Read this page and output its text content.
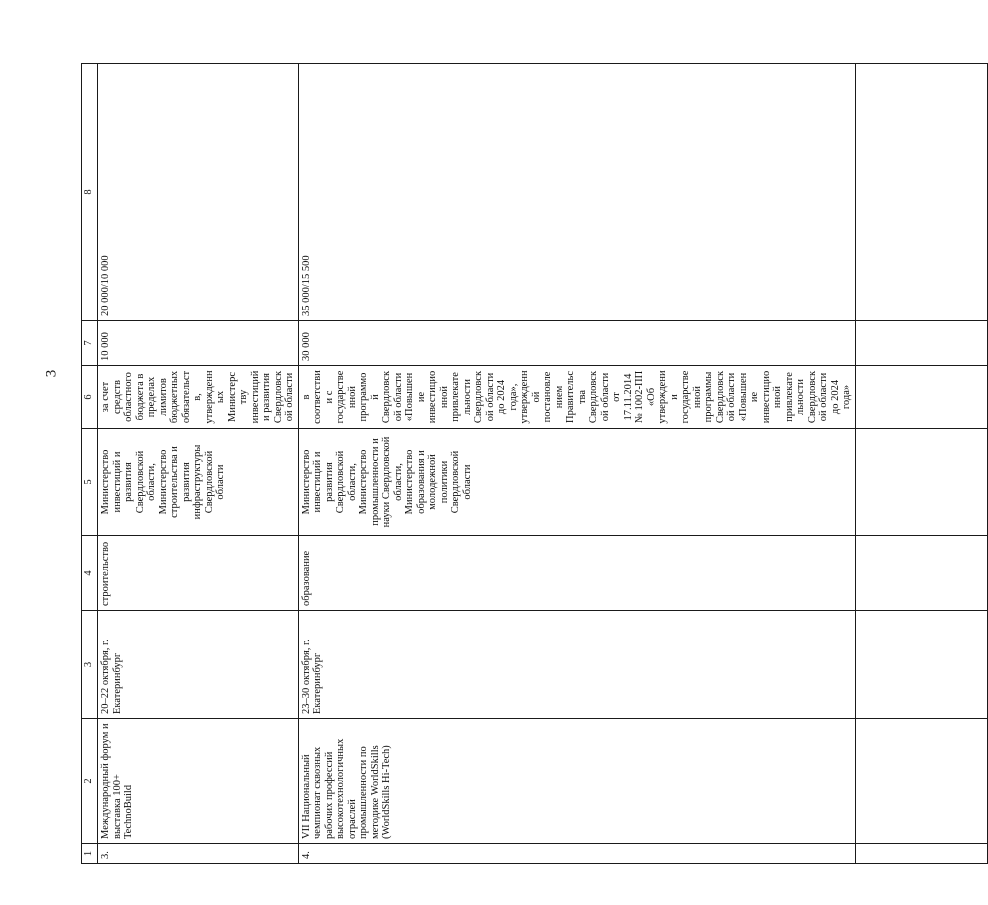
3
1	2	3	4	5	6	7	8
3.	Международный форум и выставка 100+ TechnoBuild	20–22 октября, г. Екатеринбург	строительство	Министерство инвестиций и развития Свердловской области, Министерство строительства и развития инфраструктуры Свердловской области	за счет средств областного бюджета в пределах лимитов бюджетных обязательств, утвержденных Министерству инвестиций и развития Свердловской области	10 000	20 000/10 000
4.	VII Национальный чемпионат сквозных рабочих профессий высокотехнологичных отраслей промышленности по методике WorldSkills (WorldSkills Hi-Tech)	23–30 октября, г. Екатеринбург	образование	Министерство инвестиций и развития Свердловской области, Министерство промышленности и науки Свердловской области, Министерство образования и молодежной политики Свердловской области	в соответствии с государственной программой Свердловской области «Повышение инвестиционной привлекательности Свердловской области до 2024 года», утвержденной постановлением Правительства Свердловской области от 17.11.2014 № 1002-ПП «Об утверждении государственной программы Свердловской области «Повышение инвестиционной привлекательности Свердловской области до 2024 года»	30 000	35 000/15 500
